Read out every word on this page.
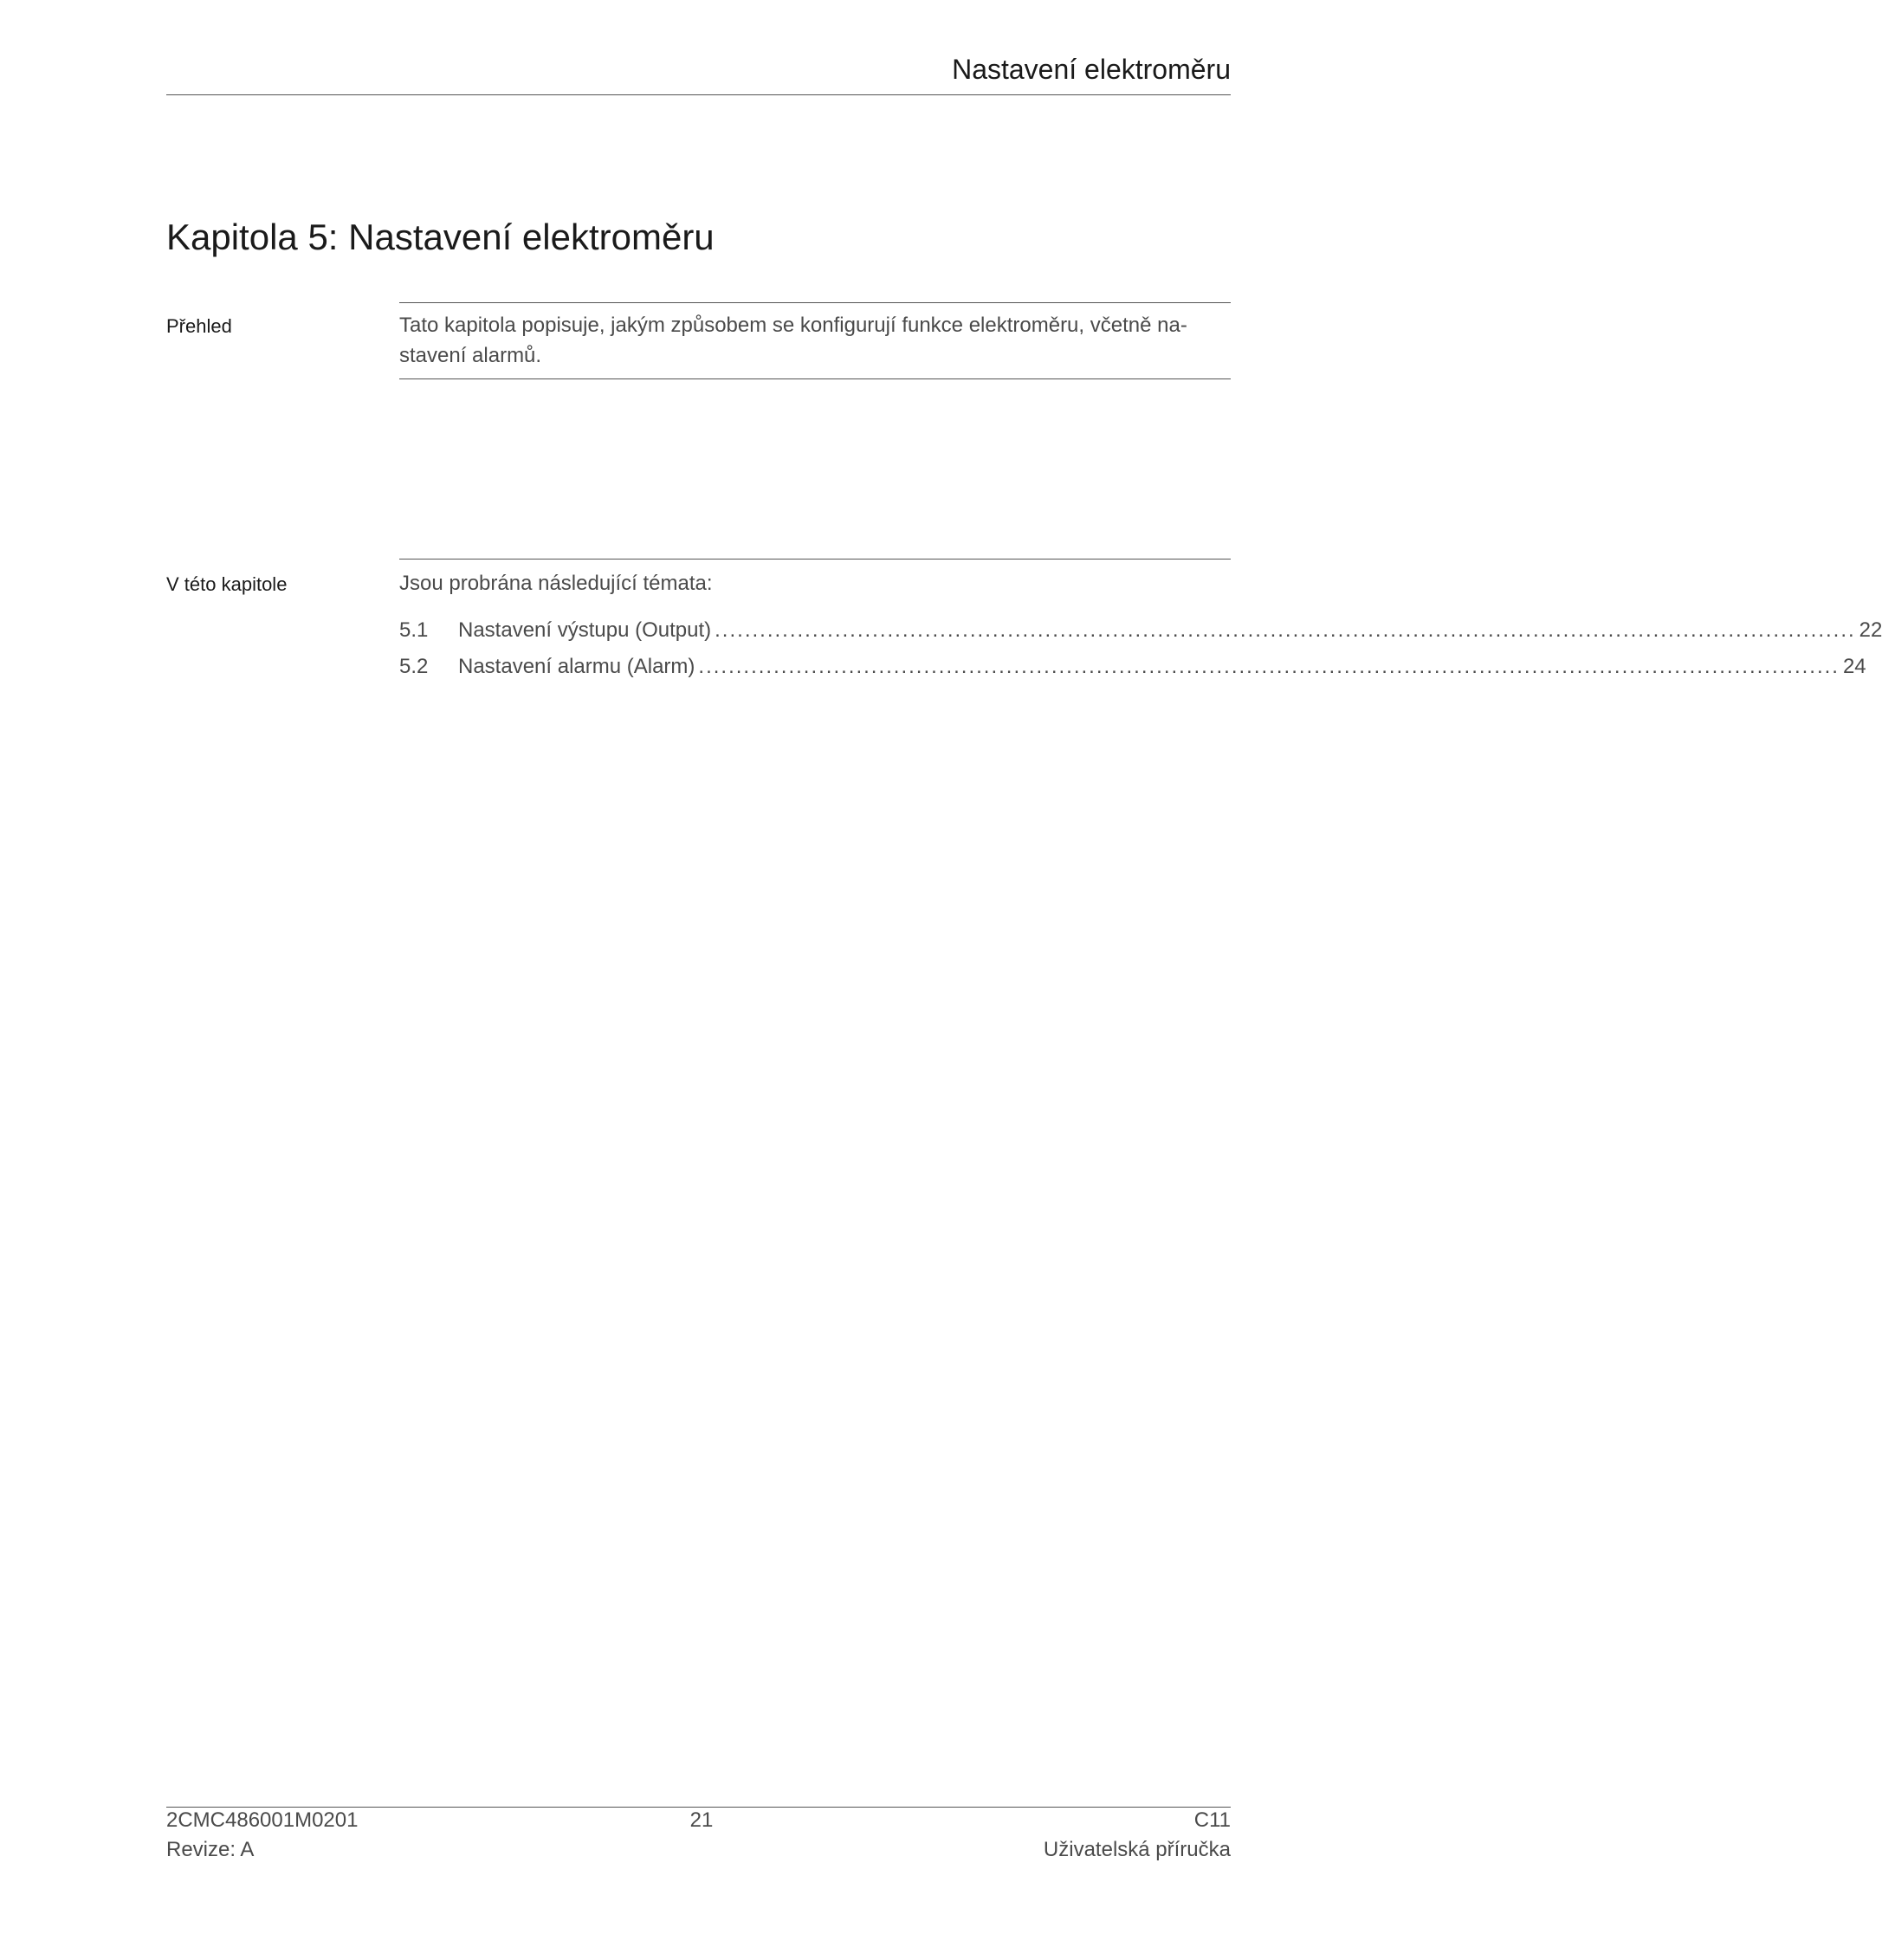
Nastavení elektroměru
Kapitola 5: Nastavení elektroměru
Přehled	Tato kapitola popisuje, jakým způsobem se konfigurují funkce elektroměru, včetně na-
stavení alarmů.
V této kapitole	Jsou probrána následující témata:
5.1	Nastavení výstupu (Output) ........................................................................................................................................................ 22
5.2	Nastavení alarmu (Alarm) ........................................................................................................................................................ 24
2CMC486001M0201
Revize: A
21	C11
Uživatelská příručka
